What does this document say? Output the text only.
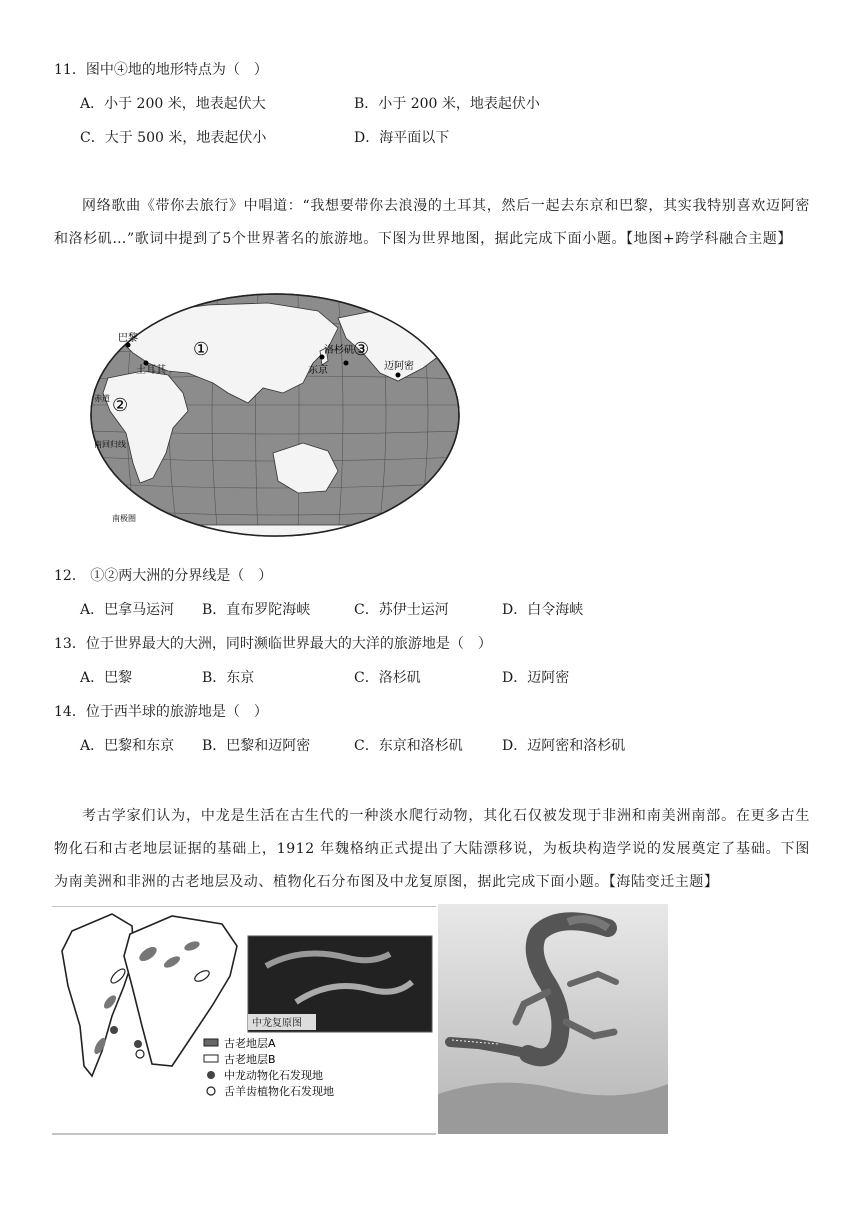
11．图中④地的地形特点为（　）
A．小于 200 米，地表起伏大	B．小于 200 米，地表起伏小
C．大于 500 米，地表起伏小	D．海平面以下
网络歌曲《带你去旅行》中唱道：“我想要带你去浪漫的土耳其，然后一起去东京和巴黎，其实我特别喜欢迈阿密和洛杉矶…”歌词中提到了5个世界著名的旅游地。下图为世界地图，据此完成下面小题。【地图+跨学科融合主题】
巴黎
土耳其	东京
洛杉矶
迈阿密
①
②
③
赤道
南回归线
南极圈
12． ①②两大洲的分界线是（　）
A．巴拿马运河 B．直布罗陀海峡	C．苏伊士运河	D．白令海峡
13．位于世界最大的大洲，同时濒临世界最大的大洋的旅游地是（　）
A．巴黎	B．东京	C．洛杉矶	D．迈阿密
14．位于西半球的旅游地是（　）
A．巴黎和东京 B．巴黎和迈阿密	C．东京和洛杉矶	D．迈阿密和洛杉矶
考古学家们认为，中龙是生活在古生代的一种淡水爬行动物，其化石仅被发现于非洲和南美洲南部。在更多古生物化石和古老地层证据的基础上，1912 年魏格纳正式提出了大陆漂移说，为板块构造学说的发展奠定了基础。下图为南美洲和非洲的古老地层及动、植物化石分布图及中龙复原图，据此完成下面小题。【海陆变迁主题】
中龙复原图
古老地层A
古老地层B
中龙动物化石发现地
舌羊齿植物化石发现地
